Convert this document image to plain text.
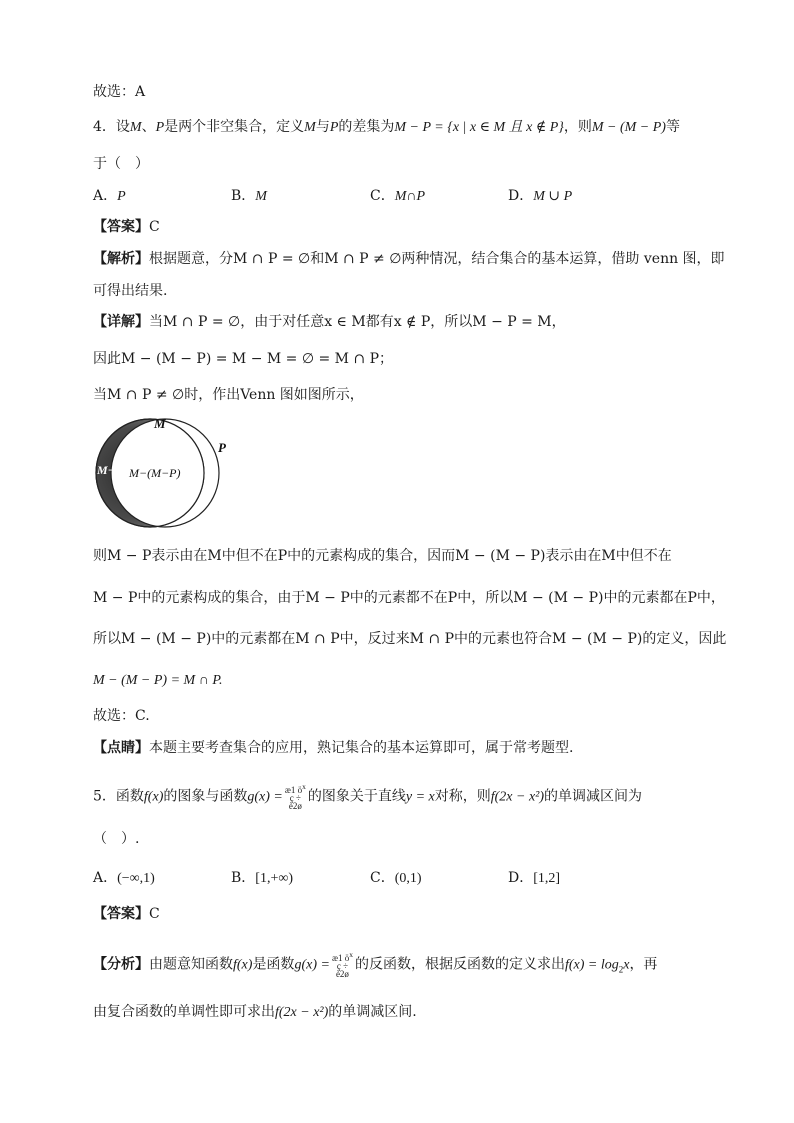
故选：A
4．设M、P是两个非空集合，定义M与P的差集为M − P = {x | x ∈ M 且 x ∉ P}，则M − (M − P)等
于（　）
A．P	B．M	C．M∩P	D．M ∪ P
【答案】C
【解析】根据题意，分M ∩ P = ∅和M ∩ P ≠ ∅两种情况，结合集合的基本运算，借助 venn 图，即
可得出结果.
【详解】当M ∩ P = ∅，由于对任意x ∈ M都有x ∉ P，所以M − P = M，
因此M − (M − P) = M − M = ∅ = M ∩ P；
当M ∩ P ≠ ∅时，作出Venn 图如图所示，
M
P
M−P M−(M−P)
则M − P表示由在M中但不在P中的元素构成的集合，因而M − (M − P)表示由在M中但不在
M − P中的元素构成的集合，由于M − P中的元素都不在P中，所以M − (M − P)中的元素都在P中，
所以M − (M − P)中的元素都在M ∩ P中，反过来M ∩ P中的元素也符合M − (M − P)的定义，因此
M − (M − P) = M ∩ P.
故选：C.
【点睛】本题主要考查集合的应用，熟记集合的基本运算即可，属于常考题型.
5．函数f(x)的图象与函数g(x) = æ1 $ö^x$
ç ÷
è2ø的图象关于直线y = x对称，则f(2x − x²)的单调减区间为
（　）.
A．(−∞,1)	B．[1,+∞)	C．(0,1)	D．[1,2]
【答案】C
【分析】由题意知函数f(x)是函数g(x) = æ1 $ö^x$
ç ÷
è2ø的反函数，根据反函数的定义求出$f(x) = \log_2x$，再
由复合函数的单调性即可求出f(2x − x²)的单调减区间.
